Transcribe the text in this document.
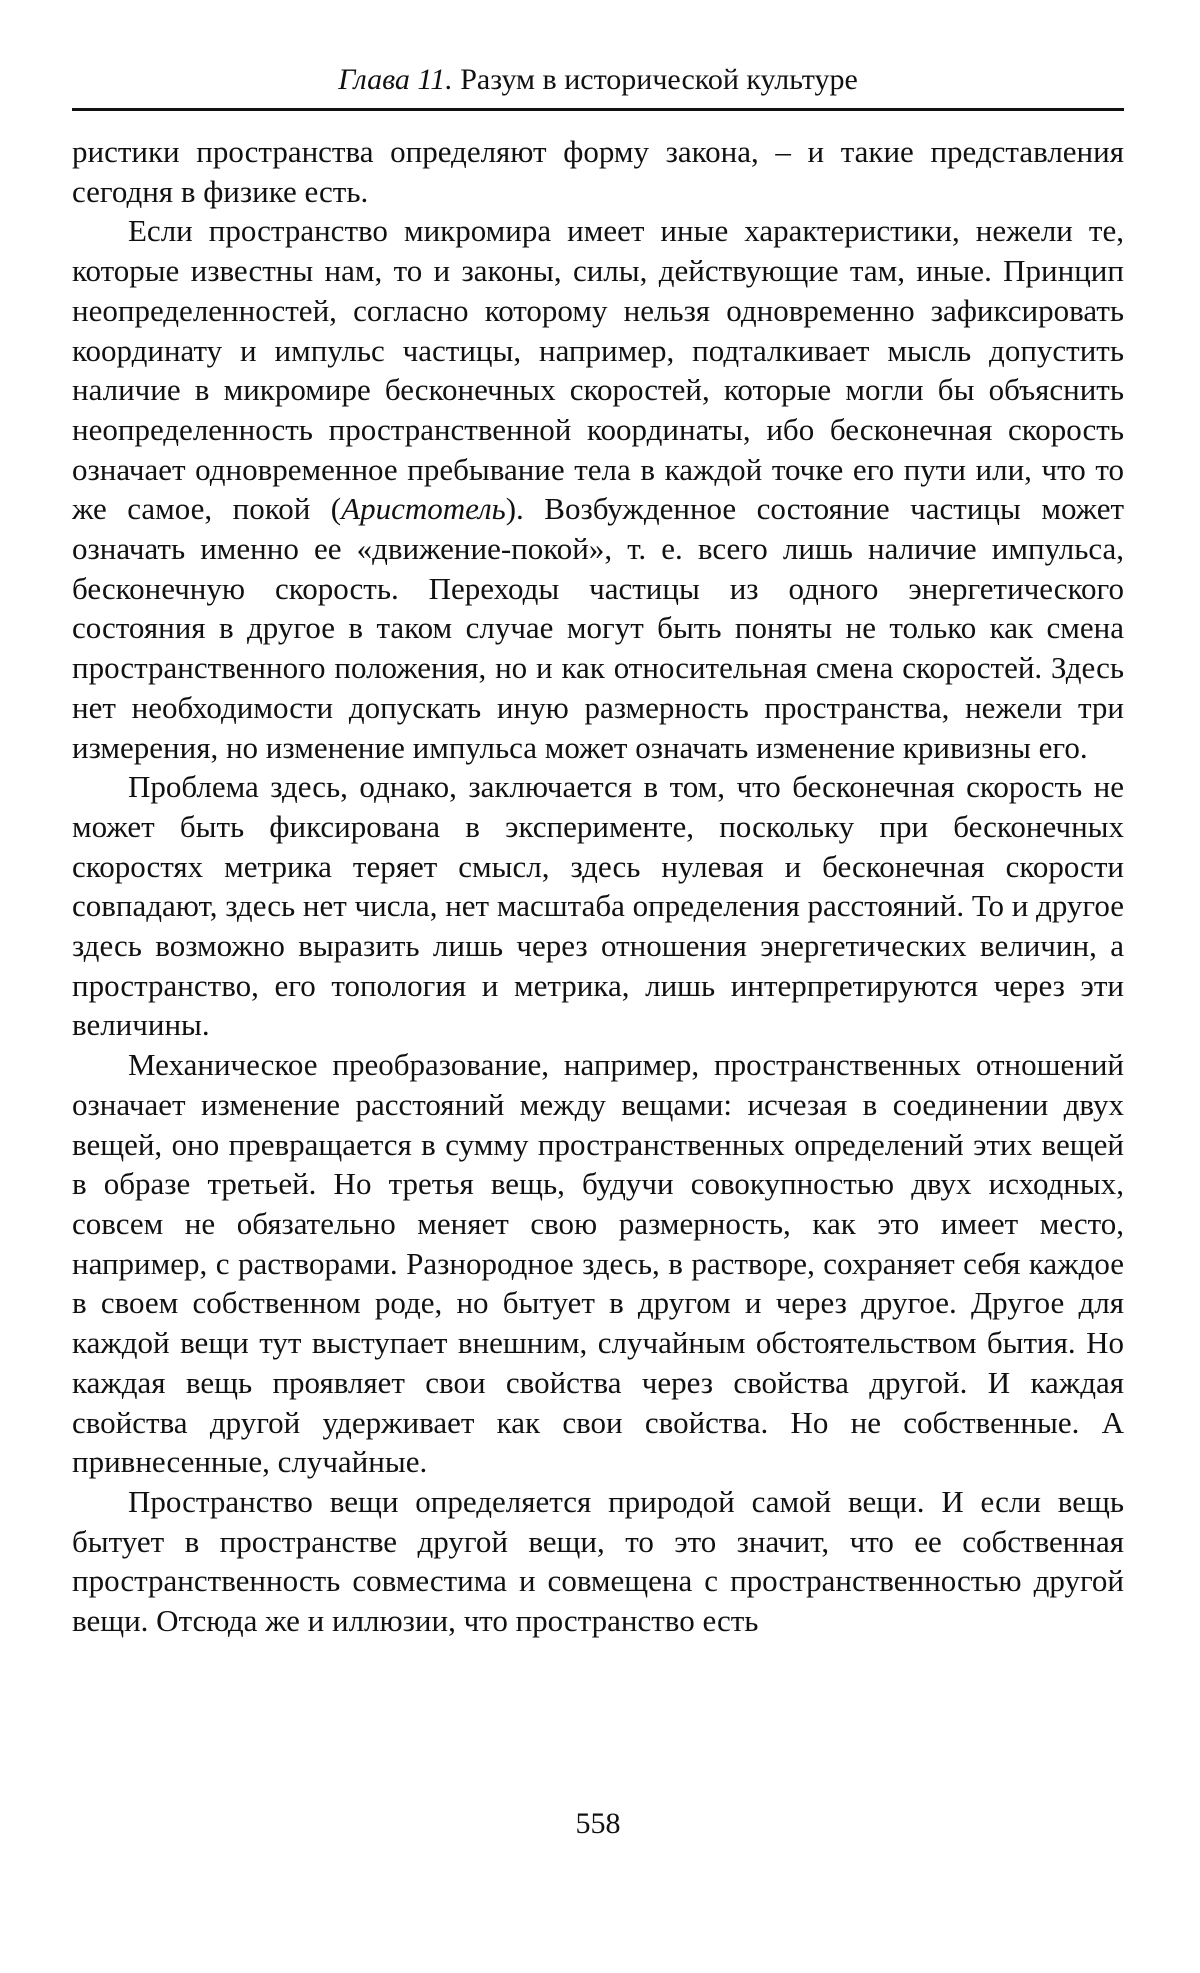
Глава 11. Разум в исторической культуре

ристики пространства определяют форму закона, – и такие представления сегодня в физике есть.

Если пространство микромира имеет иные характеристики, нежели те, которые известны нам, то и законы, силы, действующие там, иные. Принцип неопределенностей, согласно которому нельзя одновременно зафиксировать координату и импульс частицы, например, подталкивает мысль допустить наличие в микромире бесконечных скоростей, которые могли бы объяснить неопределенность пространственной координаты, ибо бесконечная скорость означает одновременное пребывание тела в каждой точке его пути или, что то же самое, покой (Аристотель). Возбужденное состояние частицы может означать именно ее «движение-покой», т. е. всего лишь наличие импульса, бесконечную скорость. Переходы частицы из одного энергетического состояния в другое в таком случае могут быть поняты не только как смена пространственного положения, но и как относительная смена скоростей. Здесь нет необходимости допускать иную размерность пространства, нежели три измерения, но изменение импульса может означать изменение кривизны его.

Проблема здесь, однако, заключается в том, что бесконечная скорость не может быть фиксирована в эксперименте, поскольку при бесконечных скоростях метрика теряет смысл, здесь нулевая и бесконечная скорости совпадают, здесь нет числа, нет масштаба определения расстояний. То и другое здесь возможно выразить лишь через отношения энергетических величин, а пространство, его топология и метрика, лишь интерпретируются через эти величины.

Механическое преобразование, например, пространственных отношений означает изменение расстояний между вещами: исчезая в соединении двух вещей, оно превращается в сумму пространственных определений этих вещей в образе третьей. Но третья вещь, будучи совокупностью двух исходных, совсем не обязательно меняет свою размерность, как это имеет место, например, с растворами. Разнородное здесь, в растворе, сохраняет себя каждое в своем собственном роде, но бытует в другом и через другое. Другое для каждой вещи тут выступает внешним, случайным обстоятельством бытия. Но каждая вещь проявляет свои свойства через свойства другой. И каждая свойства другой удерживает как свои свойства. Но не собственные. А привнесенные, случайные.

Пространство вещи определяется природой самой вещи. И если вещь бытует в пространстве другой вещи, то это значит, что ее собственная пространственность совместима и совмещена с пространственностью другой вещи. Отсюда же и иллюзии, что пространство есть

558
